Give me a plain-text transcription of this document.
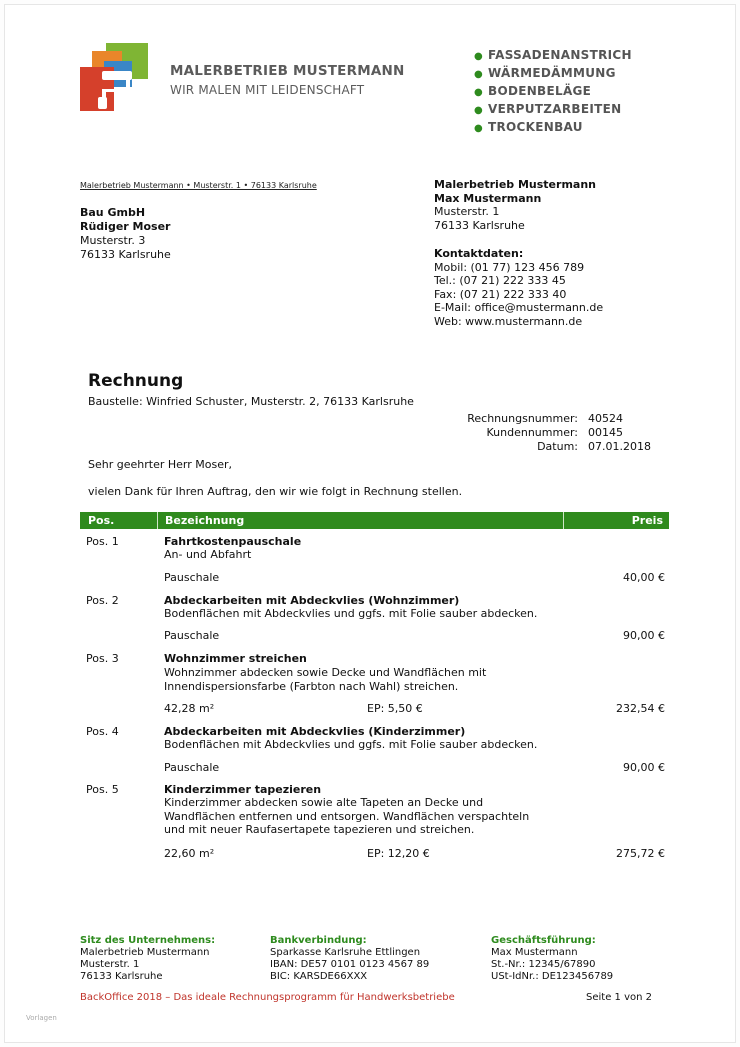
MALERBETRIEB MUSTERMANN
WIR MALEN MIT LEIDENSCHAFT
● FASSADENANSTRICH
● WÄRMEDÄMMUNG
● BODENBELÄGE
● VERPUTZARBEITEN
● TROCKENBAU
Malerbetrieb Mustermann • Musterstr. 1 • 76133 Karlsruhe
Bau GmbH
Rüdiger Moser
Musterstr. 3
76133 Karlsruhe
Malerbetrieb Mustermann
Max Mustermann
Musterstr. 1
76133 Karlsruhe
Kontaktdaten:
Mobil: (01 77) 123 456 789
Tel.: (07 21) 222 333 45
Fax: (07 21) 222 333 40
E-Mail: office@mustermann.de
Web: www.mustermann.de
Rechnung
Baustelle: Winfried Schuster, Musterstr. 2, 76133 Karlsruhe
Rechnungsnummer:	40524
Kundennummer:	00145
Datum:	07.01.2018
Sehr geehrter Herr Moser,
vielen Dank für Ihren Auftrag, den wir wie folgt in Rechnung stellen.
Pos.	Bezeichnung	Preis
Pos. 1	Fahrtkostenpauschale
An- und Abfahrt
Pauschale	40,00 €
Pos. 2	Abdeckarbeiten mit Abdeckvlies (Wohnzimmer)
Bodenflächen mit Abdeckvlies und ggfs. mit Folie sauber abdecken.
Pauschale	90,00 €
Pos. 3	Wohnzimmer streichen
Wohnzimmer abdecken sowie Decke und Wandflächen mit
Innendispersionsfarbe (Farbton nach Wahl) streichen.
42,28 m²	EP: 5,50 €	232,54 €
Pos. 4	Abdeckarbeiten mit Abdeckvlies (Kinderzimmer)
Bodenflächen mit Abdeckvlies und ggfs. mit Folie sauber abdecken.
Pauschale	90,00 €
Pos. 5	Kinderzimmer tapezieren
Kinderzimmer abdecken sowie alte Tapeten an Decke und
Wandflächen entfernen und entsorgen. Wandflächen verspachteln
und mit neuer Raufasertapete tapezieren und streichen.
22,60 m²	EP: 12,20 €	275,72 €
Sitz des Unternehmens:
Malerbetrieb Mustermann
Musterstr. 1
76133 Karlsruhe
Bankverbindung:
Sparkasse Karlsruhe Ettlingen
IBAN: DE57 0101 0123 4567 89
BIC: KARSDE66XXX
Geschäftsführung:
Max Mustermann
St.-Nr.: 12345/67890
USt-IdNr.: DE123456789
BackOffice 2018 – Das ideale Rechnungsprogramm für Handwerksbetriebe	Seite 1 von 2
Vorlagen
